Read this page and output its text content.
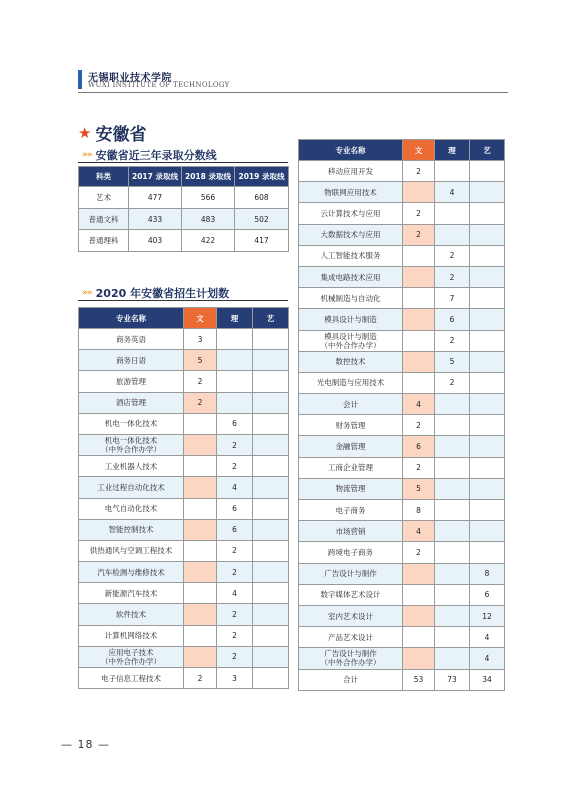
无锡职业技术学院
WUXI INSTITUTE OF TECHNOLOGY
★ 安徽省
»» 安徽省近三年录取分数线
科类	2017 录取线	2018 录取线	2019 录取线
艺术	477	566	608
普通文科	433	483	502
普通理科	403	422	417
»» 2020 年安徽省招生计划数
专业名称	文	理	艺
商务英语	3		
商务日语	5		
旅游管理	2		
酒店管理	2		
机电一体化技术		6	
机电一体化技术
（中外合作办学）		2	
工业机器人技术		2	
工业过程自动化技术		4	
电气自动化技术		6	
智能控制技术		6	
供热通风与空调工程技术		2	
汽车检测与维修技术		2	
新能源汽车技术		4	
软件技术		2	
计算机网络技术		2	
应用电子技术
（中外合作办学）		2	
电子信息工程技术	2	3	
专业名称	文	理	艺
移动应用开发	2		
物联网应用技术		4	
云计算技术与应用	2		
大数据技术与应用	2		
人工智能技术服务		2	
集成电路技术应用		2	
机械制造与自动化		7	
模具设计与制造		6	
模具设计与制造
（中外合作办学）		2	
数控技术		5	
光电制造与应用技术		2	
会计	4		
财务管理	2		
金融管理	6		
工商企业管理	2		
物流管理	5		
电子商务	8		
市场营销	4		
跨境电子商务	2		
广告设计与制作			8
数字媒体艺术设计			6
室内艺术设计			12
产品艺术设计			4
广告设计与制作
（中外合作办学）			4
合计	53	73	34
— 18 —
